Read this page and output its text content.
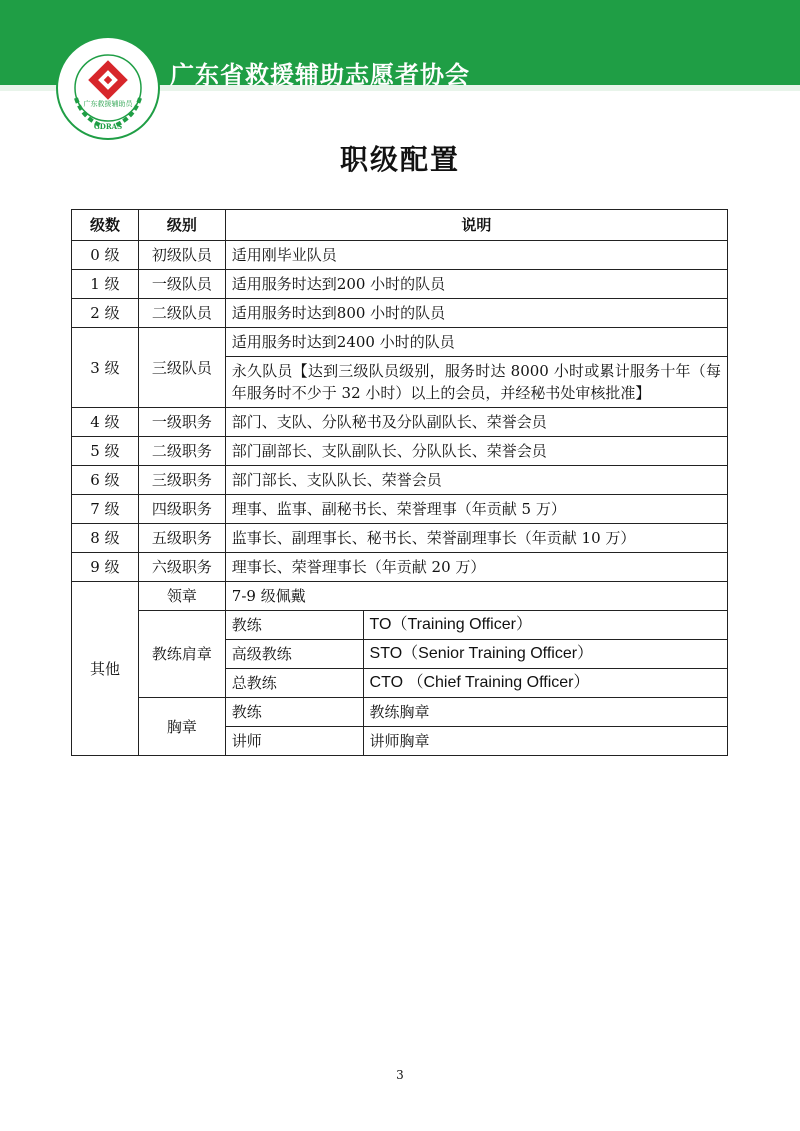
广东救援辅助员
GDRAS
广东省救援辅助志愿者协会
职级配置
级数	级别	说明	
0 级	初级队员	适用刚毕业队员	
1 级	一级队员	适用服务时达到200 小时的队员	
2 级	二级队员	适用服务时达到800 小时的队员	
3 级	三级队员	适用服务时达到2400 小时的队员	
		永久队员【达到三级队员级别，服务时达 8000 小时或累计服务十年（每年服务时不少于 32 小时）以上的会员，并经秘书处审核批准】	
4 级	一级职务	部门、支队、分队秘书及分队副队长、荣誉会员	
5 级	二级职务	部门副部长、支队副队长、分队队长、荣誉会员	
6 级	三级职务	部门部长、支队队长、荣誉会员	
7 级	四级职务	理事、监事、副秘书长、荣誉理事（年贡献 5 万）	
8 级	五级职务	监事长、副理事长、秘书长、荣誉副理事长（年贡献 10 万）	
9 级	六级职务	理事长、荣誉理事长（年贡献 20 万）	
其他	领章	7-9 级佩戴	
	教练肩章	教练	TO（Training Officer）
		高级教练	STO（Senior Training Officer）
		总教练	CTO （Chief Training Officer）
	胸章	教练	教练胸章
		讲师	讲师胸章
3
